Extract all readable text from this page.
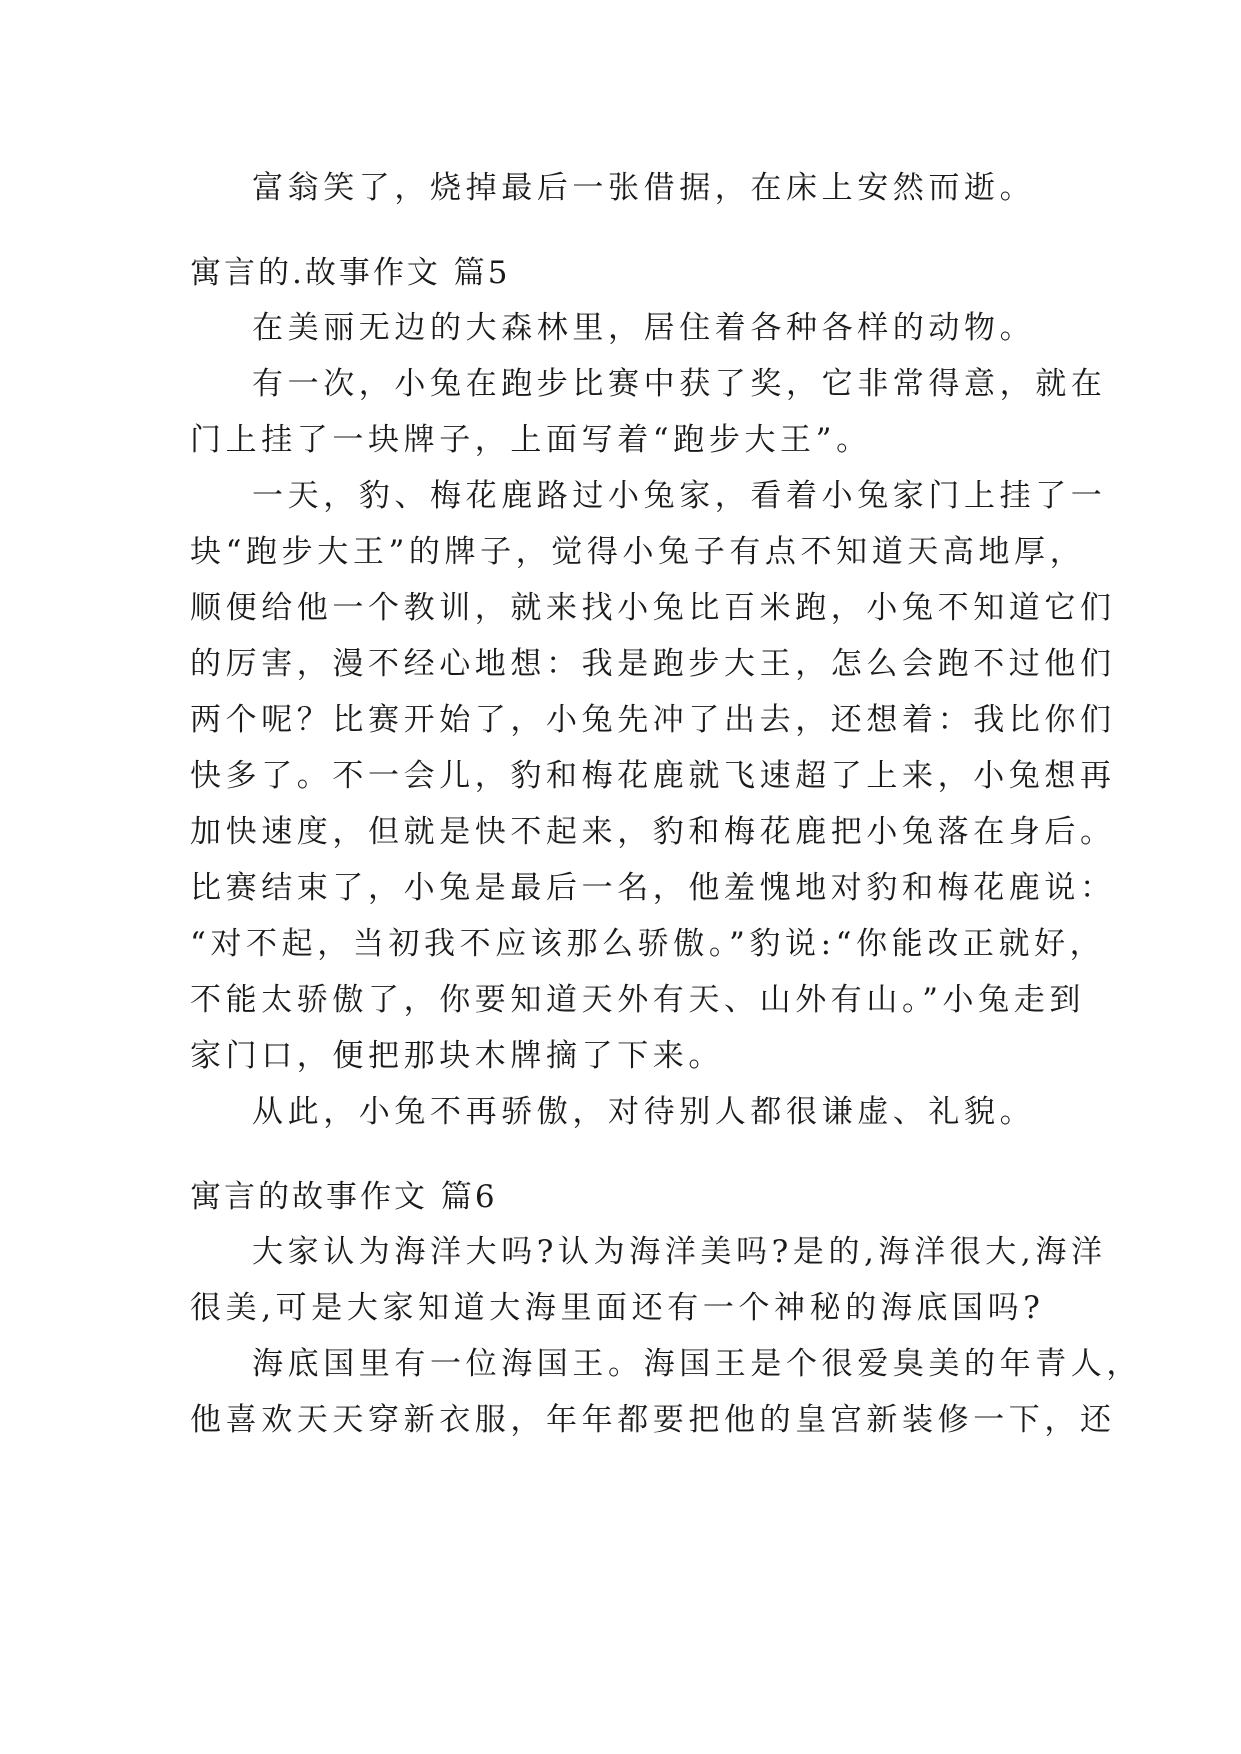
富翁笑了，烧掉最后一张借据，在床上安然而逝。
寓言的.故事作文 篇5
在美丽无边的大森林里，居住着各种各样的动物。
有一次，小兔在跑步比赛中获了奖，它非常得意，就在
门上挂了一块牌子，上面写着“跑步大王”。
一天，豹、梅花鹿路过小兔家，看着小兔家门上挂了一
块“跑步大王”的牌子，觉得小兔子有点不知道天高地厚，
顺便给他一个教训，就来找小兔比百米跑，小兔不知道它们
的厉害，漫不经心地想：我是跑步大王，怎么会跑不过他们
两个呢？比赛开始了，小兔先冲了出去，还想着：我比你们
快多了。不一会儿，豹和梅花鹿就飞速超了上来，小兔想再
加快速度，但就是快不起来，豹和梅花鹿把小兔落在身后。
比赛结束了，小兔是最后一名，他羞愧地对豹和梅花鹿说：
“对不起，当初我不应该那么骄傲。”豹说:“你能改正就好，
不能太骄傲了，你要知道天外有天、山外有山。”小兔走到
家门口，便把那块木牌摘了下来。
从此，小兔不再骄傲，对待别人都很谦虚、礼貌。
寓言的故事作文 篇6
大家认为海洋大吗?认为海洋美吗?是的,海洋很大,海洋
很美,可是大家知道大海里面还有一个神秘的海底国吗?
海底国里有一位海国王。海国王是个很爱臭美的年青人，
他喜欢天天穿新衣服，年年都要把他的皇宫新装修一下，还
